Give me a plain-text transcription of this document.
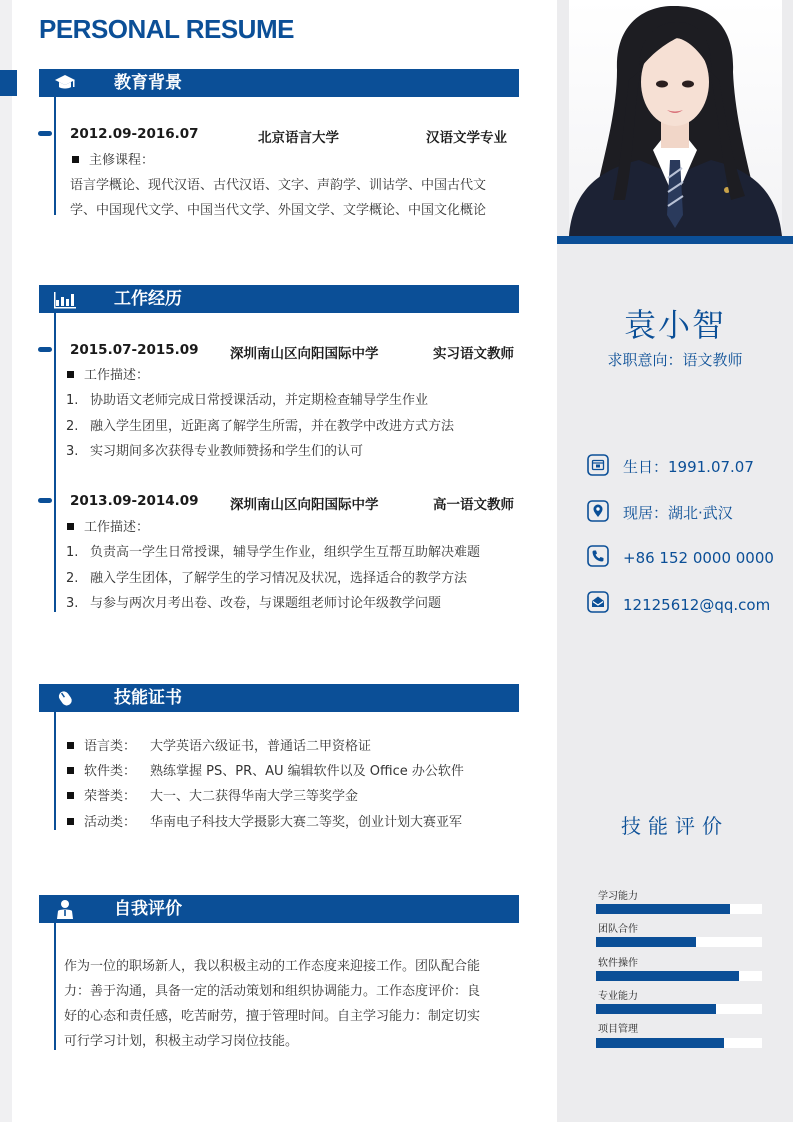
PERSONAL RESUME
教育背景
2012.09-2016.07	北京语言大学	汉语文学专业
主修课程：
语言学概论、现代汉语、古代汉语、文字、声韵学、训诂学、中国古代文
学、中国现代文学、中国当代文学、外国文学、文学概论、中国文化概论
工作经历
2015.07-2015.09 深圳南山区向阳国际中学	实习语文教师
工作描述：
1. 协助语文老师完成日常授课活动，并定期检查辅导学生作业
2. 融入学生团里，近距离了解学生所需，并在教学中改进方式方法
3. 实习期间多次获得专业教师赞扬和学生们的认可
2013.09-2014.09 深圳南山区向阳国际中学	高一语文教师
工作描述：
1. 负责高一学生日常授课，辅导学生作业，组织学生互帮互助解决难题
2. 融入学生团体，了解学生的学习情况及状况，选择适合的教学方法
3. 与参与两次月考出卷、改卷，与课题组老师讨论年级教学问题
技能证书
语言类： 大学英语六级证书，普通话二甲资格证
软件类： 熟练掌握 PS、PR、AU 编辑软件以及 Office 办公软件
荣誉类： 大一、大二获得华南大学三等奖学金
活动类： 华南电子科技大学摄影大赛二等奖，创业计划大赛亚军
自我评价
作为一位的职场新人，我以积极主动的工作态度来迎接工作。团队配合能
力：善于沟通，具备一定的活动策划和组织协调能力。工作态度评价：良
好的心态和责任感，吃苦耐劳，擅于管理时间。自主学习能力：制定切实
可行学习计划，积极主动学习岗位技能。
袁小智
求职意向：语文教师
生日：1991.07.07
现居：湖北·武汉
+86 152 0000 0000
12125612@qq.com
技能评价
学习能力
团队合作
软件操作
专业能力
项目管理
